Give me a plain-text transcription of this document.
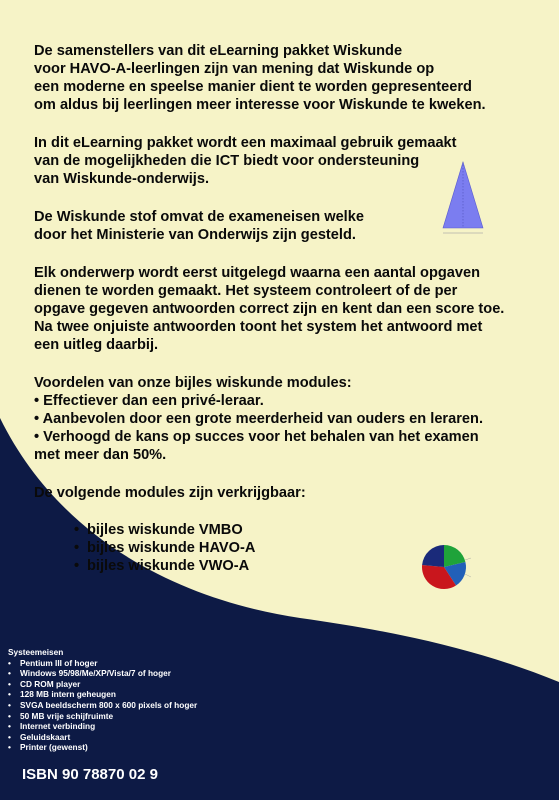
De samenstellers van dit eLearning pakket Wiskunde
voor HAVO-A-leerlingen zijn van mening dat Wiskunde op
een moderne en speelse manier dient te worden gepresenteerd
om aldus bij leerlingen meer interesse voor Wiskunde te kweken.
In dit eLearning pakket wordt een maximaal gebruik gemaakt
van de mogelijkheden die ICT biedt voor ondersteuning
van Wiskunde-onderwijs.
De Wiskunde stof omvat de exameneisen welke
door het Ministerie van Onderwijs zijn gesteld.
Elk onderwerp wordt eerst uitgelegd waarna een aantal opgaven
dienen te worden gemaakt. Het systeem controleert of de per
opgave gegeven antwoorden correct zijn en kent dan een score toe.
Na twee onjuiste antwoorden toont het system het antwoord met
een uitleg daarbij.
Voordelen van onze bijles wiskunde modules:
• Effectiever dan een privé-leraar.
• Aanbevolen door een grote meerderheid van ouders en leraren.
• Verhoogd de kans op succes voor het behalen van het examen
met meer dan 50%.
De volgende modules zijn verkrijgbaar:
• bijles wiskunde VMBO
• bijles wiskunde HAVO-A
• bijles wiskunde VWO-A
Systeemeisen
• Pentium III of hoger
• Windows 95/98/Me/XP/Vista/7 of hoger
• CD ROM player
• 128 MB intern geheugen
• SVGA beeldscherm 800 x 600 pixels of hoger
• 50 MB vrije schijfruimte
• Internet verbinding
• Geluidskaart
• Printer (gewenst)
ISBN 90 78870 02 9
